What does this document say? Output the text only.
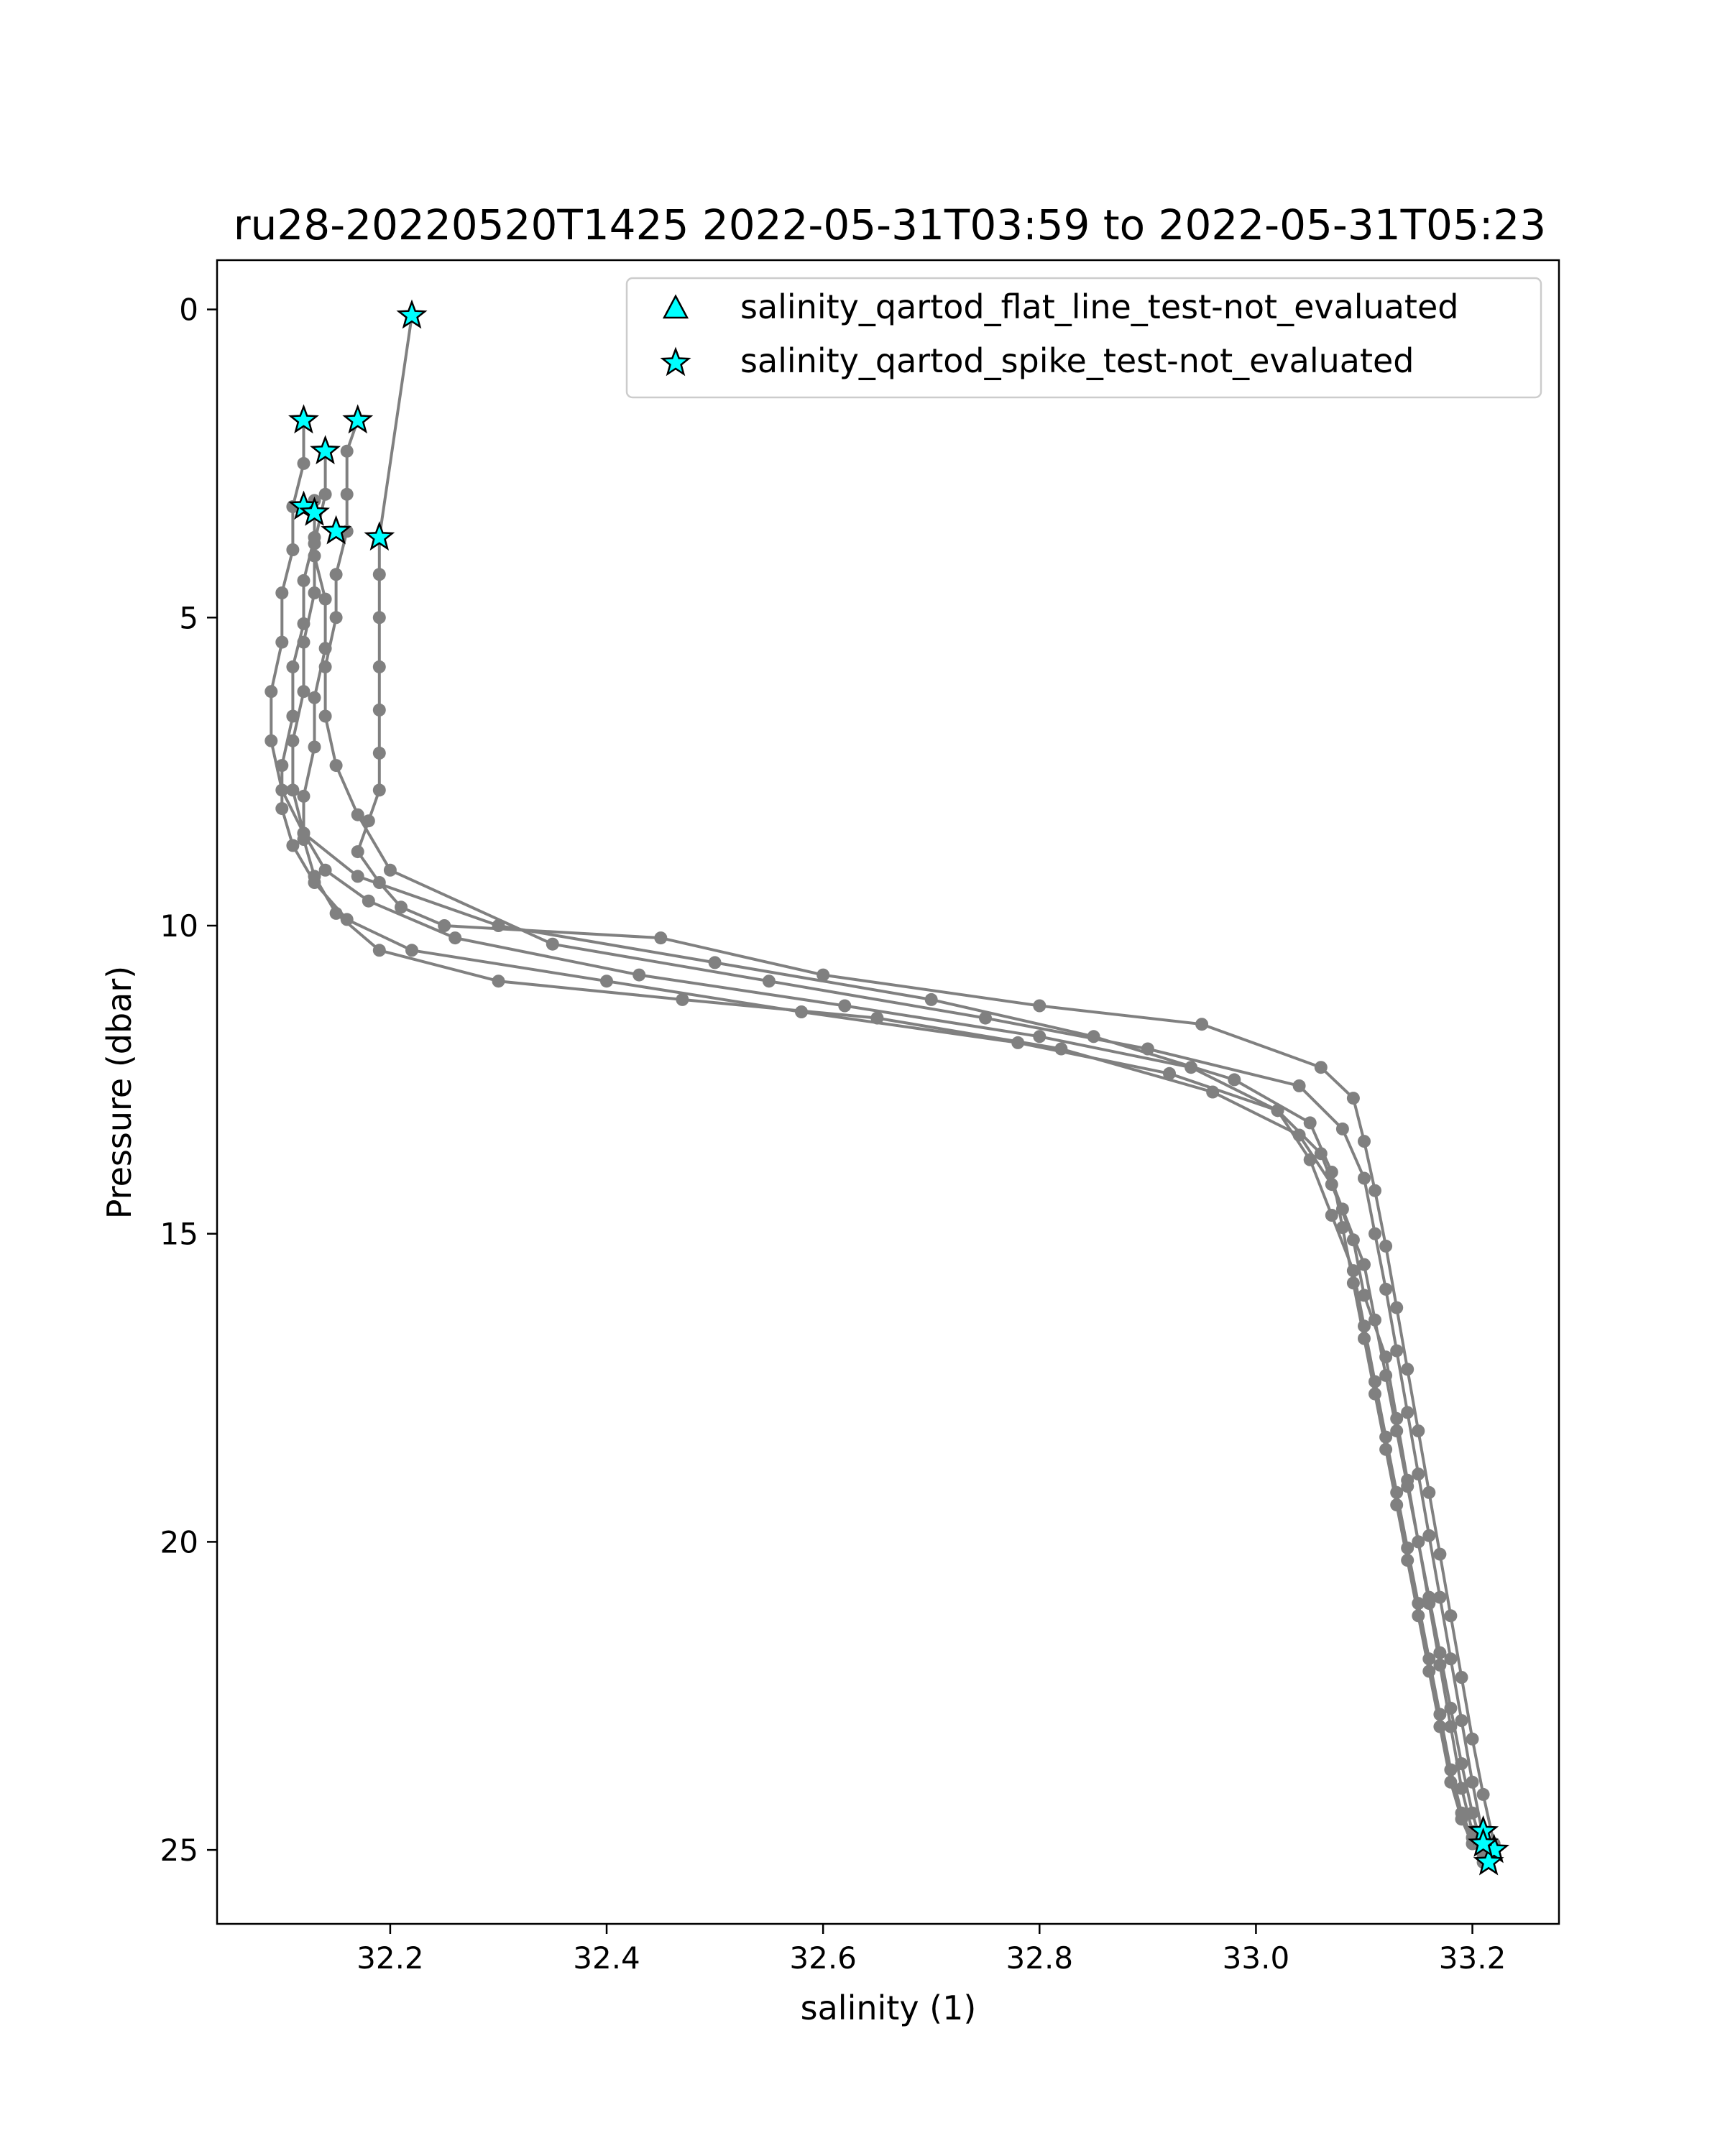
ru28-20220520T1425 2022-05-31T03:59 to 2022-05-31T05:23
32.2	32.4	32.6	32.8	33.0	33.2
0
5
10
15
20
25
salinity (1)
Pressure (dbar)
salinity_qartod_flat_line_test-not_evaluated
salinity_qartod_spike_test-not_evaluated
